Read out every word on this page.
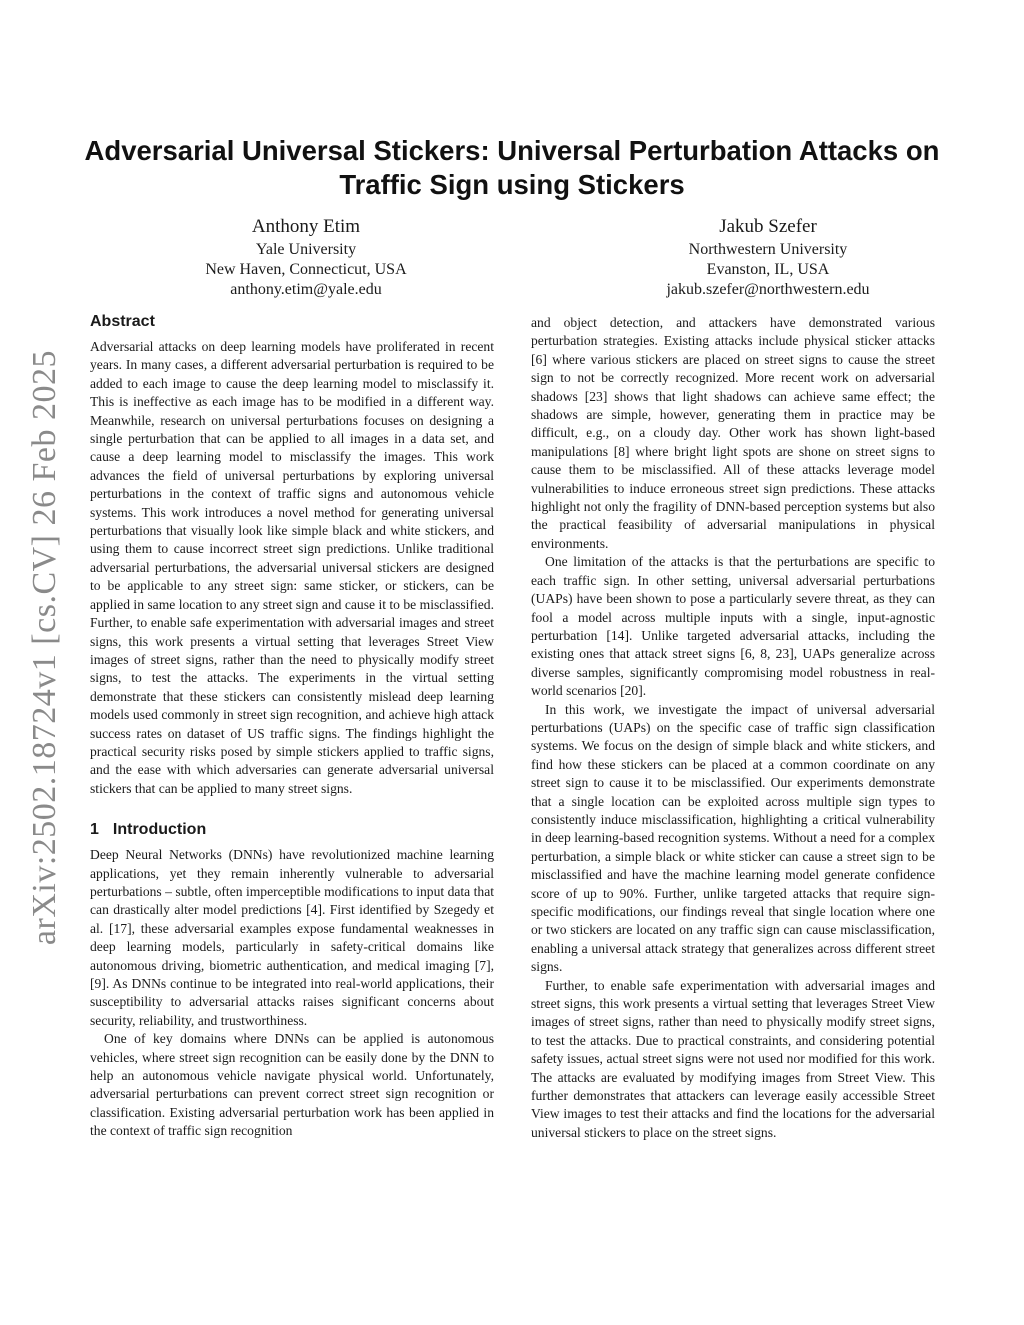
arXiv:2502.18724v1 [cs.CV] 26 Feb 2025
Adversarial Universal Stickers: Universal Perturbation Attacks on Traffic Sign using Stickers
Anthony Etim
Yale University
New Haven, Connecticut, USA
anthony.etim@yale.edu
Jakub Szefer
Northwestern University
Evanston, IL, USA
jakub.szefer@northwestern.edu
Abstract

Adversarial attacks on deep learning models have proliferated in recent years. In many cases, a different adversarial perturbation is required to be added to each image to cause the deep learning model to misclassify it. This is ineffective as each image has to be modified in a different way. Meanwhile, research on universal perturbations focuses on designing a single perturbation that can be applied to all images in a data set, and cause a deep learning model to misclassify the images. This work advances the field of universal perturbations by exploring universal perturbations in the context of traffic signs and autonomous vehicle systems. This work introduces a novel method for generating universal perturbations that visually look like simple black and white stickers, and using them to cause incorrect street sign predictions. Unlike traditional adversarial perturbations, the adversarial universal stickers are designed to be applicable to any street sign: same sticker, or stickers, can be applied in same location to any street sign and cause it to be misclassified. Further, to enable safe experimentation with adversarial images and street signs, this work presents a virtual setting that leverages Street View images of street signs, rather than the need to physically modify street signs, to test the attacks. The experiments in the virtual setting demonstrate that these stickers can consistently mislead deep learning models used commonly in street sign recognition, and achieve high attack success rates on dataset of US traffic signs. The findings highlight the practical security risks posed by simple stickers applied to traffic signs, and the ease with which adversaries can generate adversarial universal stickers that can be applied to many street signs.

1 Introduction

Deep Neural Networks (DNNs) have revolutionized machine learning applications, yet they remain inherently vulnerable to adversarial perturbations – subtle, often imperceptible modifications to input data that can drastically alter model predictions [4]. First identified by Szegedy et al. [17], these adversarial examples expose fundamental weaknesses in deep learning models, particularly in safety-critical domains like autonomous driving, biometric authentication, and medical imaging [7], [9]. As DNNs continue to be integrated into real-world applications, their susceptibility to adversarial attacks raises significant concerns about security, reliability, and trustworthiness.

One of key domains where DNNs can be applied is autonomous vehicles, where street sign recognition can be easily done by the DNN to help an autonomous vehicle navigate physical world. Unfortunately, adversarial perturbations can prevent correct street sign recognition or classification. Existing adversarial perturbation work has been applied in the context of traffic sign recognition

and object detection, and attackers have demonstrated various perturbation strategies. Existing attacks include physical sticker attacks [6] where various stickers are placed on street signs to cause the street sign to not be correctly recognized. More recent work on adversarial shadows [23] shows that light shadows can achieve same effect; the shadows are simple, however, generating them in practice may be difficult, e.g., on a cloudy day. Other work has shown light-based manipulations [8] where bright light spots are shone on street signs to cause them to be misclassified. All of these attacks leverage model vulnerabilities to induce erroneous street sign predictions. These attacks highlight not only the fragility of DNN-based perception systems but also the practical feasibility of adversarial manipulations in physical environments.

One limitation of the attacks is that the perturbations are specific to each traffic sign. In other setting, universal adversarial perturbations (UAPs) have been shown to pose a particularly severe threat, as they can fool a model across multiple inputs with a single, input-agnostic perturbation [14]. Unlike targeted adversarial attacks, including the existing ones that attack street signs [6, 8, 23], UAPs generalize across diverse samples, significantly compromising model robustness in real-world scenarios [20].

In this work, we investigate the impact of universal adversarial perturbations (UAPs) on the specific case of traffic sign classification systems. We focus on the design of simple black and white stickers, and find how these stickers can be placed at a common coordinate on any street sign to cause it to be misclassified. Our experiments demonstrate that a single location can be exploited across multiple sign types to consistently induce misclassification, highlighting a critical vulnerability in deep learning-based recognition systems. Without a need for a complex perturbation, a simple black or white sticker can cause a street sign to be misclassified and have the machine learning model generate confidence score of up to 90%. Further, unlike targeted attacks that require sign-specific modifications, our findings reveal that single location where one or two stickers are located on any traffic sign can cause misclassification, enabling a universal attack strategy that generalizes across different street signs.

Further, to enable safe experimentation with adversarial images and street signs, this work presents a virtual setting that leverages Street View images of street signs, rather than need to physically modify street signs, to test the attacks. Due to practical constraints, and considering potential safety issues, actual street signs were not used nor modified for this work. The attacks are evaluated by modifying images from Street View. This further demonstrates that attackers can leverage easily accessible Street View images to test their attacks and find the locations for the adversarial universal stickers to place on the street signs.
